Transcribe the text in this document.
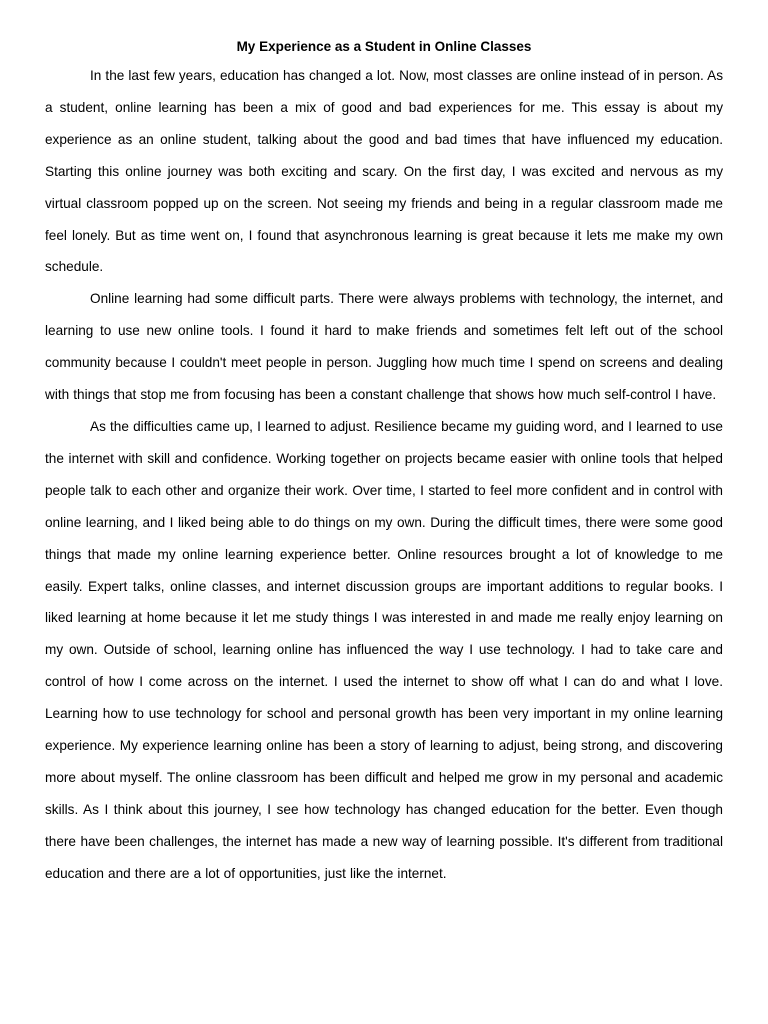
My Experience as a Student in Online Classes

In the last few years, education has changed a lot. Now, most classes are online instead of in person. As a student, online learning has been a mix of good and bad experiences for me. This essay is about my experience as an online student, talking about the good and bad times that have influenced my education. Starting this online journey was both exciting and scary. On the first day, I was excited and nervous as my virtual classroom popped up on the screen. Not seeing my friends and being in a regular classroom made me feel lonely. But as time went on, I found that asynchronous learning is great because it lets me make my own schedule.

Online learning had some difficult parts. There were always problems with technology, the internet, and learning to use new online tools. I found it hard to make friends and sometimes felt left out of the school community because I couldn't meet people in person. Juggling how much time I spend on screens and dealing with things that stop me from focusing has been a constant challenge that shows how much self-control I have.

As the difficulties came up, I learned to adjust. Resilience became my guiding word, and I learned to use the internet with skill and confidence. Working together on projects became easier with online tools that helped people talk to each other and organize their work. Over time, I started to feel more confident and in control with online learning, and I liked being able to do things on my own. During the difficult times, there were some good things that made my online learning experience better. Online resources brought a lot of knowledge to me easily. Expert talks, online classes, and internet discussion groups are important additions to regular books. I liked learning at home because it let me study things I was interested in and made me really enjoy learning on my own. Outside of school, learning online has influenced the way I use technology. I had to take care and control of how I come across on the internet. I used the internet to show off what I can do and what I love. Learning how to use technology for school and personal growth has been very important in my online learning experience. My experience learning online has been a story of learning to adjust, being strong, and discovering more about myself. The online classroom has been difficult and helped me grow in my personal and academic skills. As I think about this journey, I see how technology has changed education for the better. Even though there have been challenges, the internet has made a new way of learning possible. It's different from traditional education and there are a lot of opportunities, just like the internet.
